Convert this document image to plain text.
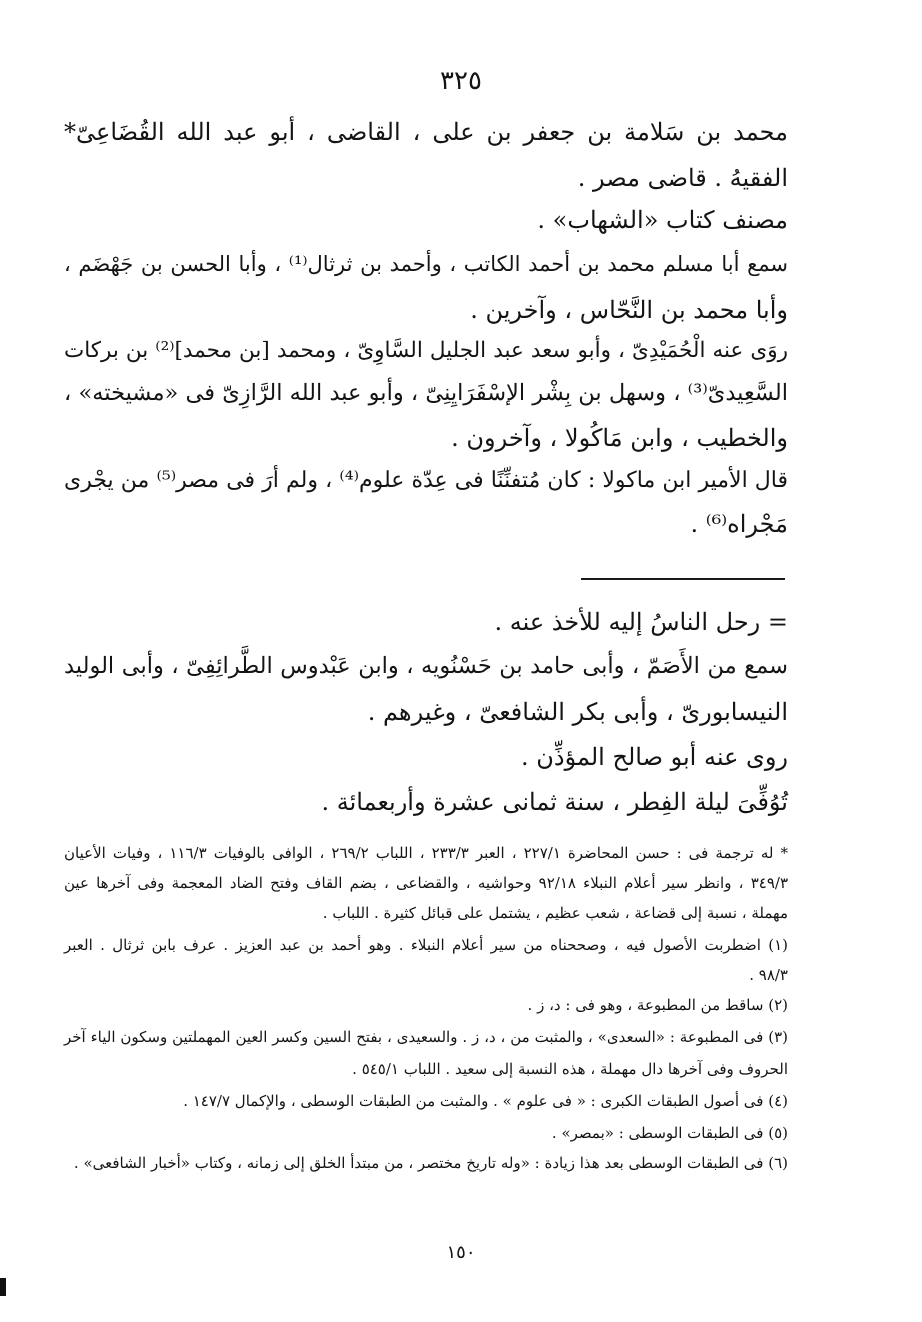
٣٢٥
محمد بن سَلامة بن جعفر بن على ، القاضى ، أبو عبد الله القُضَاعِىّ*
الفقيهُ . قاضى مصر .
مصنف كتاب «الشهاب» .
سمع أبا مسلم محمد بن أحمد الكاتب ، وأحمد بن ثرثال⁽¹⁾ ، وأبا الحسن بن جَهْضَم ،
وأبا محمد بن النَّحّاس ، وآخرين .
روَى عنه الْحُمَيْدِىّ ، وأبو سعد عبد الجليل السَّاوِىّ ، ومحمد [بن محمد]⁽²⁾ بن بركات
السَّعِيدىّ⁽³⁾ ، وسهل بن بِشْر الإسْفَرَايِنِىّ ، وأبو عبد الله الرَّازِىّ فى «مشيخته» ،
والخطيب ، وابن مَاكُولا ، وآخرون .
قال الأمير ابن ماكولا : كان مُتفنِّنًا فى عِدّة علوم⁽⁴⁾ ، ولم أرَ فى مصر⁽⁵⁾ من يجْرى
مَجْراه⁽⁶⁾ .
= رحل الناسُ إليه للأخذ عنه .
سمع من الأَصَمّ ، وأبى حامد بن حَسْنُويه ، وابن عَبْدوس الطَّرائِفِىّ ، وأبى الوليد
النيسابورىّ ، وأبى بكر الشافعىّ ، وغيرهم .
روى عنه أبو صالح المؤذِّن .
تُوُفِّىَ ليلة الفِطر ، سنة ثمانى عشرة وأربعمائة .
* له ترجمة فى : حسن المحاضرة ٢٢٧/١ ، العبر ٢٣٣/٣ ، اللباب ٢٦٩/٢ ، الوافى بالوفيات ١١٦/٣ ، وفيات الأعيان
٣٤٩/٣ ، وانظر سير أعلام النبلاء ٩٢/١٨ وحواشيه ، والقضاعى ، بضم القاف وفتح الضاد المعجمة وفى آخرها عين
مهملة ، نسبة إلى قضاعة ، شعب عظيم ، يشتمل على قبائل كثيرة . اللباب .
(١) اضطربت الأصول فيه ، وصححناه من سير أعلام النبلاء . وهو أحمد بن عبد العزيز . عرف بابن ثرثال . العبر
٩٨/٣ .
(٢) ساقط من المطبوعة ، وهو فى : د، ز .
(٣) فى المطبوعة : «السعدى» ، والمثبت من ، د، ز . والسعيدى ، بفتح السين وكسر العين المهملتين وسكون الياء آخر
الحروف وفى آخرها دال مهملة ، هذه النسبة إلى سعيد . اللباب ٥٤٥/١ .
(٤) فى أصول الطبقات الكبرى : « فى علوم » . والمثبت من الطبقات الوسطى ، والإكمال ١٤٧/٧ .
(٥) فى الطبقات الوسطى : «بمصر» .
(٦) فى الطبقات الوسطى بعد هذا زيادة : «وله تاريخ مختصر ، من مبتدأ الخلق إلى زمانه ، وكتاب «أخبار الشافعى» .
١٥٠
